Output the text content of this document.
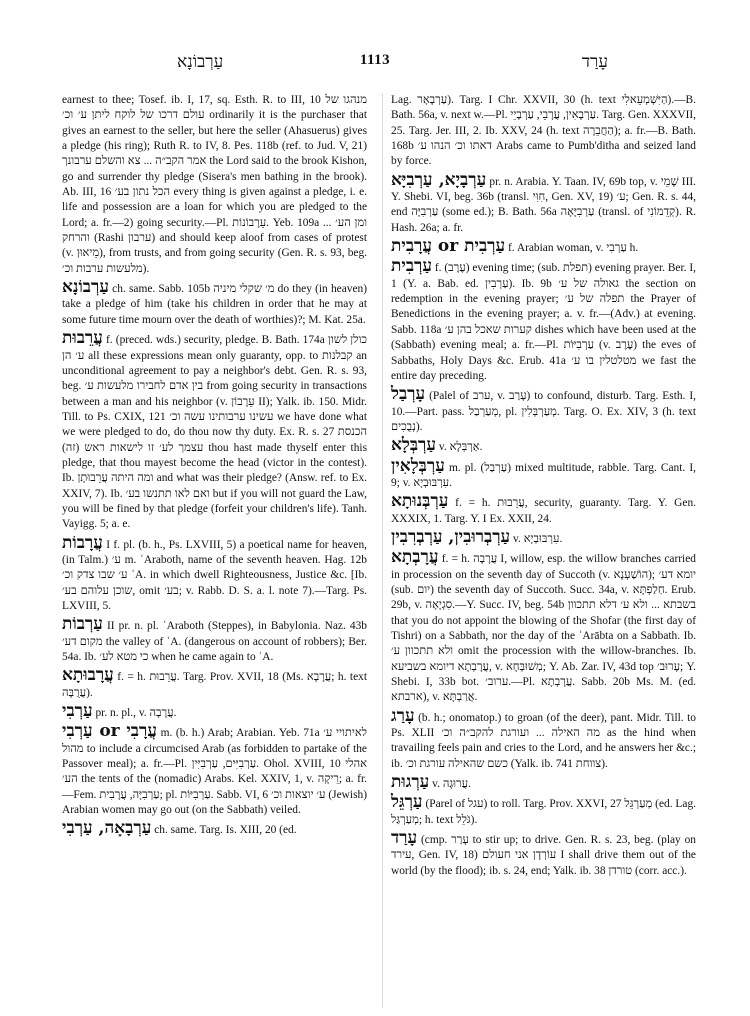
עַרְבוֹנָא	1113	עָרַד

earnest to thee; Tosef. ib. I, 17, sq. Esth. R. to III, 10 מנהגו של עולם דרכו של לוקח ליתן ע׳ וכ׳ ordinarily it is the purchaser that gives an earnest to the seller, but here the seller (Ahasuerus) gives a pledge (his ring); Ruth R. to IV, 8. Pes. 118b (ref. to Jud. V, 21) אמר הקב״ה ... צא והשלם ערבונך the Lord said to the brook Kishon, go and surrender thy pledge (Sisera's men bathing in the brook). Ab. III, 16 הכל נתון בע׳ every thing is given against a pledge, i. e. life and possession are a loan for which you are pledged to the Lord; a. fr.—2) going security.—Pl. עֵרָבוֹנוֹת. Yeb. 109a ומן הע׳ ... והרחק (Rashi ערבון) and should keep aloof from cases of protest (v. מֵיאוּן), from trusts, and from going security (Gen. R. s. 93, beg. מלעשות ערבות וכ׳).

עַרְבוֹנָא ch. same. Sabb. 105b מ׳ שקלי מיניה do they (in heaven) take a pledge of him (take his children in order that he may at some future time mourn over the death of worthies)?; M. Kat. 25a.

עֲרֵבוּת f. (preced. wds.) security, pledge. B. Bath. 174a כולן לשון ע׳ הן all these expressions mean only guaranty, opp. to קבלנות an unconditional agreement to pay a neighbor's debt. Gen. R. s. 93, beg. בין אדם לחבירו מלעשות ע׳ from going security in transactions between a man and his neighbor (v. עֵרָבוֹן II); Yalk. ib. 150. Midr. Till. to Ps. CXIX, 121 עשינו ערבותינו עשה וכ׳ we have done what we were pledged to do, do thou now thy duty. Ex. R. s. 27 הכנסת עצמך לע׳ זו לישאות ראש (זה) thou hast made thyself enter this pledge, that thou mayest become the head (victor in the contest). Ib. ומה היתה עֲרֵבוּתָן and what was their pledge? (Answ. ref. to Ex. XXIV, 7). Ib. ואם לאו תתנשו בע׳ but if you will not guard the Law, you will be fined by that pledge (forfeit your children's life). Tanh. Vayigg. 5; a. e.

עֲרָבוֹת I f. pl. (b. h., Ps. LXVIII, 5) a poetical name for heaven, (in Talm.) ע׳ m. ʿAraboth, name of the seventh heaven. Hag. 12b ע׳ שבו צדק וכ׳ ʿA. in which dwell Righteousness, Justice &c. [Ib. שוכן עלוהם בע׳, omit בע׳; v. Rabb. D. S. a. l. note 7).—Targ. Ps. LXVIII, 5.

עַרְבוֹת II pr. n. pl. ʿAraboth (Steppes), in Babylonia. Naz. 43b מקום דע׳ the valley of ʿA. (dangerous on account of robbers); Ber. 54a. Ib. כי מטא לע׳ when he came again to ʿA.

עֲרָבוּתָא f. = h. עֲרֵבוּת. Targ. Prov. XVII, 18 (Ms. עֲרָבָא; h. text עֲרֻבָּה).

עַרְבִי pr. n. pl., v. עֲרָבָה.

עַרְבִי or עֲרָבִי m. (b. h.) Arab; Arabian. Yeb. 71a לאיתויי ע׳ מהול to include a circumcised Arab (as forbidden to partake of the Passover meal); a. fr.—Pl. עַרְבִיִּים, עַרְבִיִּין. Ohol. XVIII, 10 אהלי הע׳ the tents of the (nomadic) Arabs. Kel. XXIV, 1, v. רֵיקָה; a. fr.—Fem. עַרְבִיָּה, עֲרָבִית; pl. עַרְבִיּוֹת. Sabb. VI, 6 ע׳ יוצאות וכ׳ (Jewish) Arabian women may go out (on the Sabbath) veiled.

עַרְבָאָה, עַרְבִי ch. same. Targ. Is. XIII, 20 (ed.

Lag. עַרְבָאָר). Targ. I Chr. XXVII, 30 (h. text הַיִּשְׁמְעֵאלִי).—B. Bath. 56a, v. next w.—Pl. עַרְבָאִין, עֲרָבֵי, עַרְבָיֵי. Targ. Gen. XXXVII, 25. Targ. Jer. III, 2. Ib. XXV, 24 (h. text הַחֲבֵרָה); a. fr.—B. Bath. 168b דאתו וכ׳ הנהו ע׳ Arabs came to Pumb'ditha and seized land by force.

עַרְבָיָא, עַרְבִיָּא pr. n. Arabia. Y. Taan. IV, 69b top, v. שָׁמֵי III. Y. Shebi. VI, beg. 36b (transl. חִוִּי, Gen. XV, 19) ע׳; Gen. R. s. 44, end עַרְבִיָּה (some ed.); B. Bath. 56a עַרְבִיָּאָה (transl. of קְדֵמוֹנִי). R. Hash. 26a; a. fr.

עֲרָבִית or עַרְבִית f. Arabian woman, v. עַרְבִי h.

עַרְבִית f. (עֶרֶב) evening time; (sub. תפלת) evening prayer. Ber. I, 1 (Y. a. Bab. ed. עַרְבִין). Ib. 9b גאולה של ע׳ the section on redemption in the evening prayer; תפלה של ע׳ the Prayer of Benedictions in the evening prayer; a. v. fr.—(Adv.) at evening. Sabb. 118a קערות שאכל בהן ע׳ dishes which have been used at the (Sabbath) evening meal; a. fr.—Pl. עַרְבִיּוֹת (v. עֶרֶב) the eves of Sabbaths, Holy Days &c. Erub. 41a מטלטלין בו ע׳ we fast the entire day preceding.

עָרְבַל (Palel of ערב, v. עָרַב) to confound, disturb. Targ. Esth. I, 10.—Part. pass. מְעַרְבַל, pl. מְעַרְבְּלִין. Targ. O. Ex. XIV, 3 (h. text נְבֻכִים).

עַרְבְּלָא v. אַרְבְּלָא.

עַרְבְּלָאִין m. pl. (עַרְבַל) mixed multitude, rabble. Targ. Cant. I, 9; v. עִרְבּוּבְיָא.

עַרְבְּנוּתָא f. = h. עֲרֵבוּת, security, guaranty. Targ. Y. Gen. XXXIX, 1. Targ. Y. I Ex. XXII, 24.

עַרְבְרוּבִין, עַרְבְרִבִין v. עִרְבּוּבְיָא.

עֲרָבְתָא f. = h. עֲרָבָה I, willow, esp. the willow branches carried in procession on the seventh day of Succoth (v. הוֹשַׁעְנָא); יומא דע׳ (sub. יום) the seventh day of Succoth. Succ. 34a, v. חַלַפְתָּא. Erub. 29b, v. סִגְיָאָה.—Y. Succ. IV, beg. 54b בשבתא ... ולא ע׳ דלא תתכוון that you do not appoint the blowing of the Shofar (the first day of Tishri) on a Sabbath, nor the day of the ʿArābta on a Sabbath. Ib. ולא תתכוון ע׳ omit the procession with the willow-branches. Ib. עֲרָבְתָא דיומא בשביעא, v. מְשׁוּבְּחָא; Y. Ab. Zar. IV, 43d top עָרוּב׳; Y. Shebi. I, 33b bot. ערוב׳.—Pl. עֲרָבְתָא. Sabb. 20b Ms. M. (ed. ארבתא), v. אֲרַבְתָּא.

עָרַג (b. h.; onomatop.) to groan (of the deer), pant. Midr. Till. to Ps. XLII מה האילה ... ועורגת להקב״ה וכ׳ as the hind when travailing feels pain and cries to the Lord, and he answers her &c.; ib. כשם שהאילה עורגת וכ׳ (Yalk. ib. 741 צווחת).

עַרְגוּת v. עֲרוּגָה.

עַרְגֵּל (Parel of עגל) to roll. Targ. Prov. XXVI, 27 מְעַרְגֵּל (ed. Lag. מְעַרְגַּל; h. text גֹּלֵל).

עָרַד (cmp. עָרַר to stir up; to drive. Gen. R. s. 23, beg. (play on עירד, Gen. IV, 18) עוֹרְדָן אני חעולם I shall drive them out of the world (by the flood); ib. s. 24, end; Yalk. ib. 38 טורדן (corr. acc.).
